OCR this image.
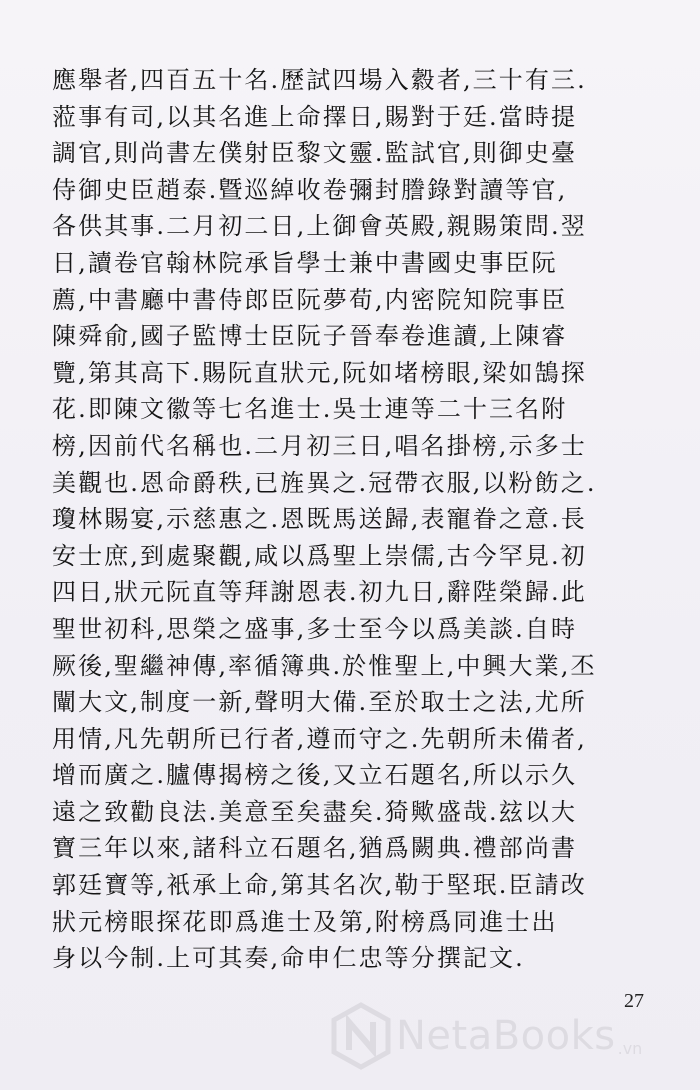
應舉者,四百五十名.歷試四場入縠者,三十有三.
蒞事有司,以其名進上命擇日,賜對于廷.當時提
調官,則尚書左僕射臣黎文靈.監試官,則御史臺
侍御史臣趙泰.曁巡綽收卷彌封謄錄對讀等官,
各供其事.二月初二日,上御會英殿,親賜策問.翌
日,讀卷官翰林院承旨學士兼中書國史事臣阮
薦,中書廳中書侍郎臣阮夢荀,内密院知院事臣
陳舜俞,國子監博士臣阮子晉奉卷進讀,上陳睿
覽,第其高下.賜阮直狀元,阮如堵榜眼,梁如鵠探
花.即陳文徽等七名進士.吳士連等二十三名附
榜,因前代名稱也.二月初三日,唱名掛榜,示多士
美觀也.恩命爵秩,已旌異之.冠帶衣服,以粉飭之.
瓊林賜宴,示慈惠之.恩既馬送歸,表寵眷之意.長
安士庶,到處聚觀,咸以爲聖上崇儒,古今罕見.初
四日,狀元阮直等拜謝恩表.初九日,辭陛榮歸.此
聖世初科,思榮之盛事,多士至今以爲美談.自時
厥後,聖繼神傳,率循簿典.於惟聖上,中興大業,丕
闡大文,制度一新,聲明大備.至於取士之法,尤所
用情,凡先朝所已行者,遵而守之.先朝所未備者,
增而廣之.臚傳揭榜之後,又立石題名,所以示久
遠之致勸良法.美意至矣盡矣.猗歟盛哉.玆以大
寶三年以來,諸科立石題名,猶爲闕典.禮部尚書
郭廷寶等,衹承上命,第其名次,勒于堅珉.臣請改
狀元榜眼探花即爲進士及第,附榜爲同進士出
身以今制.上可其奏,命申仁忠等分撰記文.
27
NetaBooks .vn
